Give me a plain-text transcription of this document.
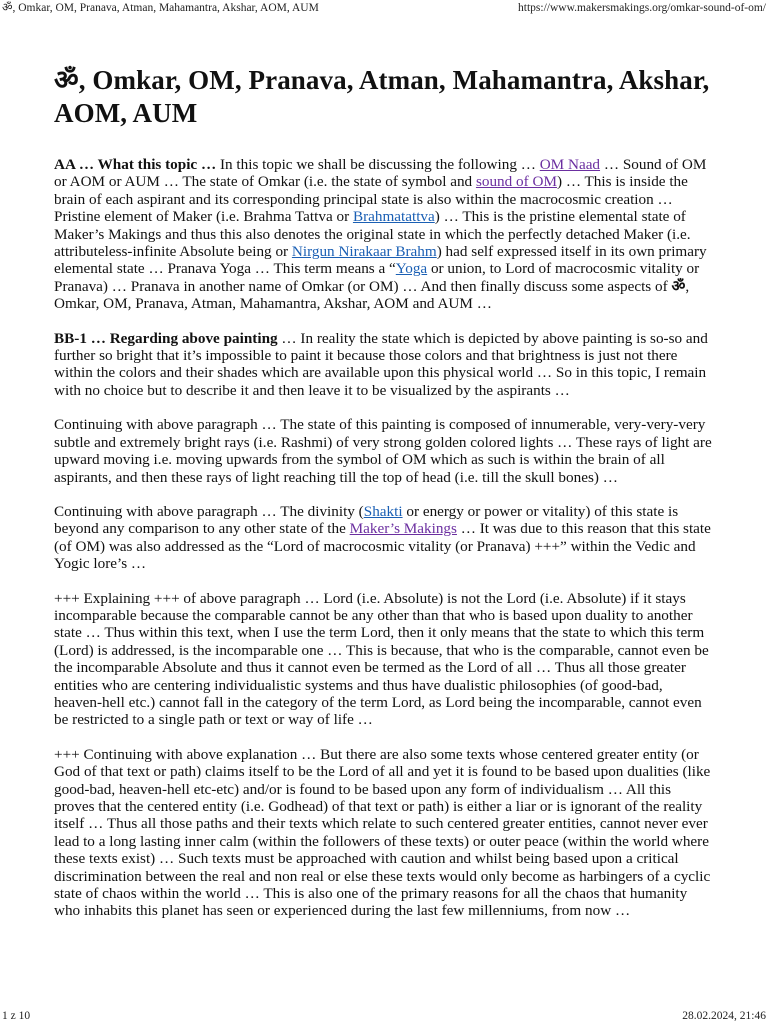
ॐ, Omkar, OM, Pranava, Atman, Mahamantra, Akshar, AOM, AUM	https://www.makersmakings.org/omkar-sound-of-om/
ॐ, Omkar, OM, Pranava, Atman, Mahamantra, Akshar, AOM, AUM

AA … What this topic … In this topic we shall be discussing the following … OM Naad … Sound of OM or AOM or AUM … The state of Omkar (i.e. the state of symbol and sound of OM) … This is inside the brain of each aspirant and its corresponding principal state is also within the macrocosmic creation … Pristine element of Maker (i.e. Brahma Tattva or Brahmatattva) … This is the pristine elemental state of Maker’s Makings and thus this also denotes the original state in which the perfectly detached Maker (i.e. attributeless-infinite Absolute being or Nirgun Nirakaar Brahm) had self expressed itself in its own primary elemental state … Pranava Yoga … This term means a “Yoga or union, to Lord of macrocosmic vitality or Pranava) … Pranava in another name of Omkar (or OM) … And then finally discuss some aspects of ॐ, Omkar, OM, Pranava, Atman, Mahamantra, Akshar, AOM and AUM …

BB-1 … Regarding above painting … In reality the state which is depicted by above painting is so-so and further so bright that it’s impossible to paint it because those colors and that brightness is just not there within the colors and their shades which are available upon this physical world … So in this topic, I remain with no choice but to describe it and then leave it to be visualized by the aspirants …

Continuing with above paragraph … The state of this painting is composed of innumerable, very-very-very subtle and extremely bright rays (i.e. Rashmi) of very strong golden colored lights … These rays of light are upward moving i.e. moving upwards from the symbol of OM which as such is within the brain of all aspirants, and then these rays of light reaching till the top of head (i.e. till the skull bones) …

Continuing with above paragraph … The divinity (Shakti or energy or power or vitality) of this state is beyond any comparison to any other state of the Maker’s Makings … It was due to this reason that this state (of OM) was also addressed as the “Lord of macrocosmic vitality (or Pranava) +++” within the Vedic and Yogic lore’s …

+++ Explaining +++ of above paragraph … Lord (i.e. Absolute) is not the Lord (i.e. Absolute) if it stays incomparable because the comparable cannot be any other than that who is based upon duality to another state … Thus within this text, when I use the term Lord, then it only means that the state to which this term (Lord) is addressed, is the incomparable one … This is because, that who is the comparable, cannot even be the incomparable Absolute and thus it cannot even be termed as the Lord of all … Thus all those greater entities who are centering individualistic systems and thus have dualistic philosophies (of good-bad, heaven-hell etc.) cannot fall in the category of the term Lord, as Lord being the incomparable, cannot even be restricted to a single path or text or way of life …

+++ Continuing with above explanation … But there are also some texts whose centered greater entity (or God of that text or path) claims itself to be the Lord of all and yet it is found to be based upon dualities (like good-bad, heaven-hell etc-etc) and/or is found to be based upon any form of individualism … All this proves that the centered entity (i.e. Godhead) of that text or path) is either a liar or is ignorant of the reality itself … Thus all those paths and their texts which relate to such centered greater entities, cannot never ever lead to a long lasting inner calm (within the followers of these texts) or outer peace (within the world where these texts exist) … Such texts must be approached with caution and whilst being based upon a critical discrimination between the real and non real or else these texts would only become as harbingers of a cyclic state of chaos within the world … This is also one of the primary reasons for all the chaos that humanity who inhabits this planet has seen or experienced during the last few millenniums, from now …

1 z 10	28.02.2024, 21:46
